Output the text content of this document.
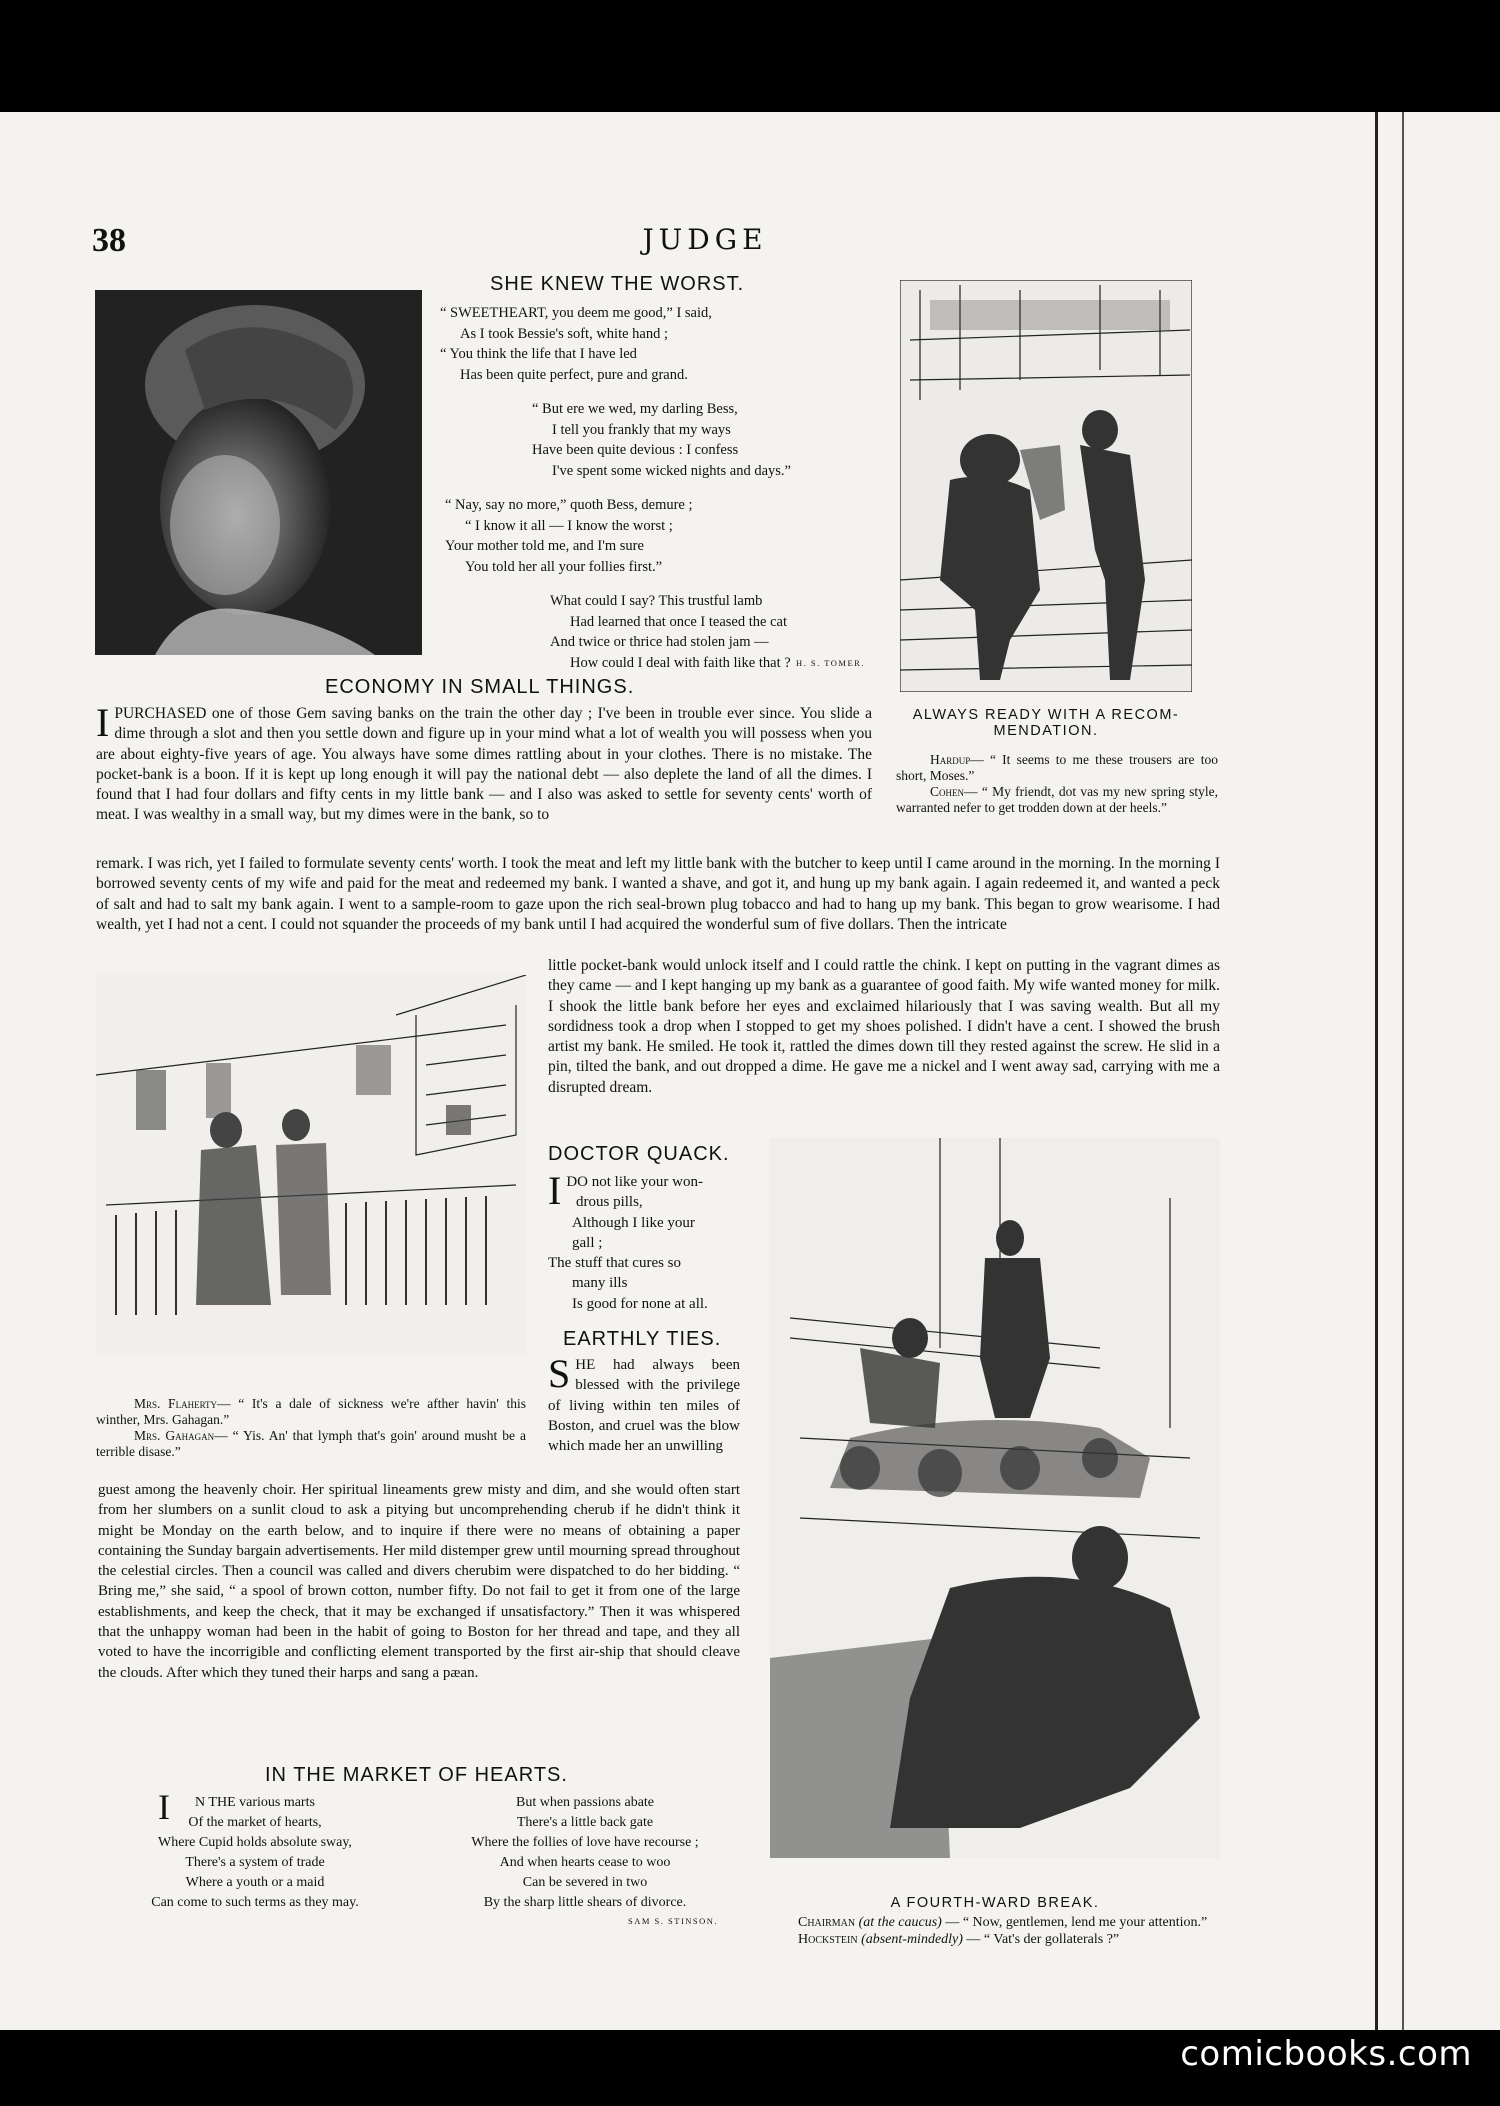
38	JUDGE
SHE KNEW THE WORST.
“ SWEETHEART, you deem me good,” I said,
As I took Bessie's soft, white hand ;
“ You think the life that I have led
Has been quite perfect, pure and grand.
“ But ere we wed, my darling Bess,
I tell you frankly that my ways
Have been quite devious : I confess
I've spent some wicked nights and days.”
“ Nay, say no more,” quoth Bess, demure ;
“ I know it all — I know the worst ;
Your mother told me, and I'm sure
You told her all your follies first.”
What could I say? This trustful lamb
Had learned that once I teased the cat
And twice or thrice had stolen jam —
How could I deal with faith like that ? H. S. TOMER.
ALWAYS READY WITH A RECOM-
MENDATION.
Hardup— “ It seems to me these trousers are too short, Moses.”
Cohen— “ My friendt, dot vas my new spring style, warranted nefer to get trodden down at der heels.”
ECONOMY IN SMALL THINGS.
IPURCHASED one of those Gem saving banks on the train the other day ; I've been in trouble ever since. You slide a dime through a slot and then you settle down and figure up in your mind what a lot of wealth you will possess when you are about eighty-five years of age. You always have some dimes rattling about in your clothes. There is no mistake. The pocket-bank is a boon. If it is kept up long enough it will pay the national debt — also deplete the land of all the dimes. I found that I had four dollars and fifty cents in my little bank — and I also was asked to settle for seventy cents' worth of meat. I was wealthy in a small way, but my dimes were in the bank, so to
remark. I was rich, yet I failed to formulate seventy cents' worth. I took the meat and left my little bank with the butcher to keep until I came around in the morning. In the morning I borrowed seventy cents of my wife and paid for the meat and redeemed my bank. I wanted a shave, and got it, and hung up my bank again. I again redeemed it, and wanted a peck of salt and had to salt my bank again. I went to a sample-room to gaze upon the rich seal-brown plug tobacco and had to hang up my bank. This began to grow wearisome. I had wealth, yet I had not a cent. I could not squander the proceeds of my bank until I had acquired the wonderful sum of five dollars. Then the intricate
little pocket-bank would unlock itself and I could rattle the chink. I kept on putting in the vagrant dimes as they came — and I kept hanging up my bank as a guarantee of good faith. My wife wanted money for milk. I shook the little bank before her eyes and exclaimed hilariously that I was saving wealth. But all my sordidness took a drop when I stopped to get my shoes polished. I didn't have a cent. I showed the brush artist my bank. He smiled. He took it, rattled the dimes down till they rested against the screw. He slid in a pin, tilted the bank, and out dropped a dime. He gave me a nickel and I went away sad, carrying with me a disrupted dream.
Mrs. Flaherty— “ It's a dale of sickness we're afther havin' this winther, Mrs. Gahagan.”
Mrs. Gahagan— “ Yis. An' that lymph that's goin' around musht be a terrible disase.”
DOCTOR QUACK.
I DO not like your won-
drous pills,
Although I like your
gall ;
The stuff that cures so
many ills
Is good for none at all.
EARTHLY TIES.
SHE had always been blessed with the privilege of living within ten miles of Boston, and cruel was the blow which made her an unwilling
guest among the heavenly choir. Her spiritual lineaments grew misty and dim, and she would often start from her slumbers on a sunlit cloud to ask a pitying but uncomprehending cherub if he didn't think it might be Monday on the earth below, and to inquire if there were no means of obtaining a paper containing the Sunday bargain advertisements. Her mild distemper grew until mourning spread throughout the celestial circles. Then a council was called and divers cherubim were dispatched to do her bidding. “ Bring me,” she said, “ a spool of brown cotton, number fifty. Do not fail to get it from one of the large establishments, and keep the check, that it may be exchanged if unsatisfactory.” Then it was whispered that the unhappy woman had been in the habit of going to Boston for her thread and tape, and they all voted to have the incorrigible and conflicting element transported by the first air-ship that should cleave the clouds. After which they tuned their harps and sang a pæan.
A FOURTH-WARD BREAK.
Chairman (at the caucus) — “ Now, gentlemen, lend me your attention.”
Hockstein (absent-mindedly) — “ Vat's der gollaterals ?”
IN THE MARKET OF HEARTS.
I	N THE various marts
Of the market of hearts,
Where Cupid holds absolute sway,
There's a system of trade
Where a youth or a maid
Can come to such terms as they may.
But when passions abate
There's a little back gate
Where the follies of love have recourse ;
And when hearts cease to woo
Can be severed in two
By the sharp little shears of divorce.
SAM S. STINSON.
comicbooks.com
